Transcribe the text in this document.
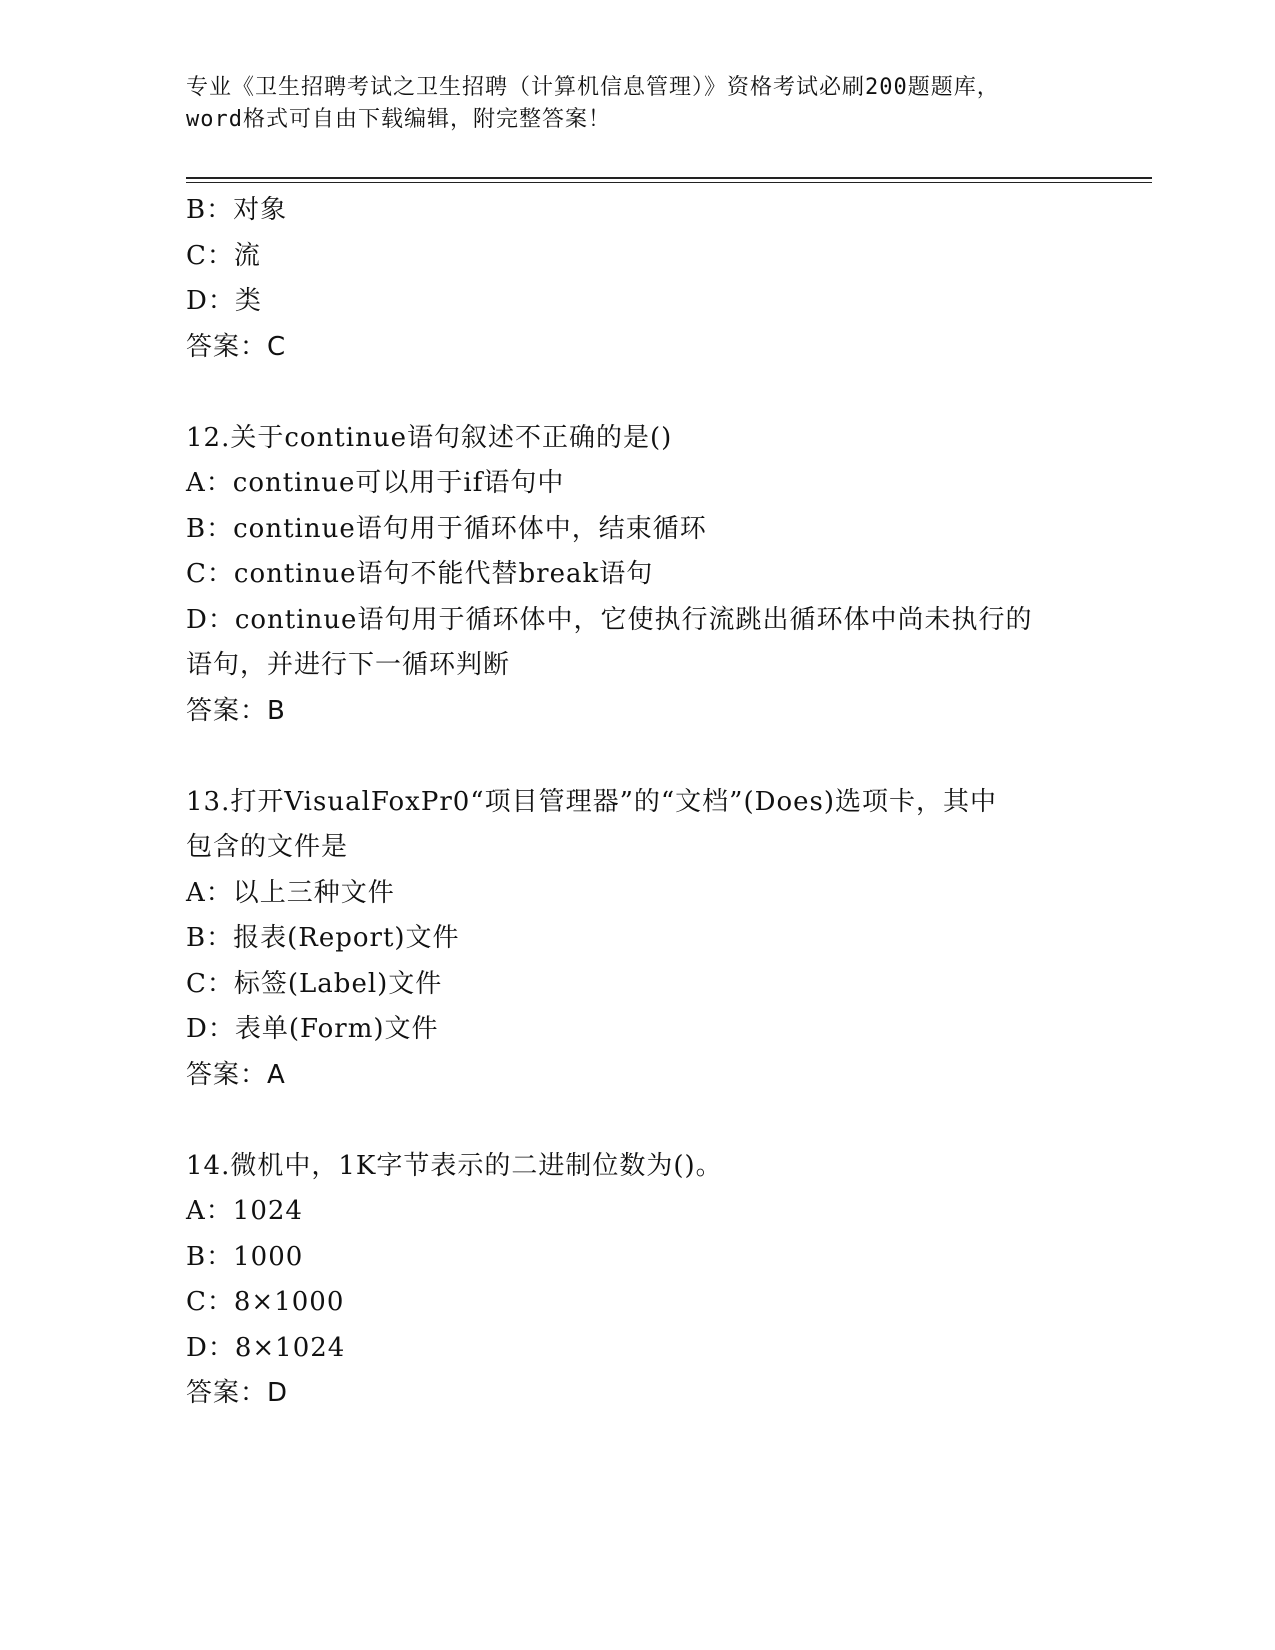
专业《卫生招聘考试之卫生招聘（计算机信息管理）》资格考试必刷200题题库，
word格式可自由下载编辑，附完整答案！
B：对象
C：流
D：类
答案：C
12.关于continue语句叙述不正确的是()
A：continue可以用于if语句中
B：continue语句用于循环体中，结束循环
C：continue语句不能代替break语句
D：continue语句用于循环体中，它使执行流跳出循环体中尚未执行的
语句，并进行下一循环判断
答案：B
13.打开VisualFoxPr0“项目管理器”的“文档”(Does)选项卡，其中
包含的文件是
A：以上三种文件
B：报表(Report)文件
C：标签(Label)文件
D：表单(Form)文件
答案：A
14.微机中，1K字节表示的二进制位数为()。
A：1024
B：1000
C：8×1000
D：8×1024
答案：D
